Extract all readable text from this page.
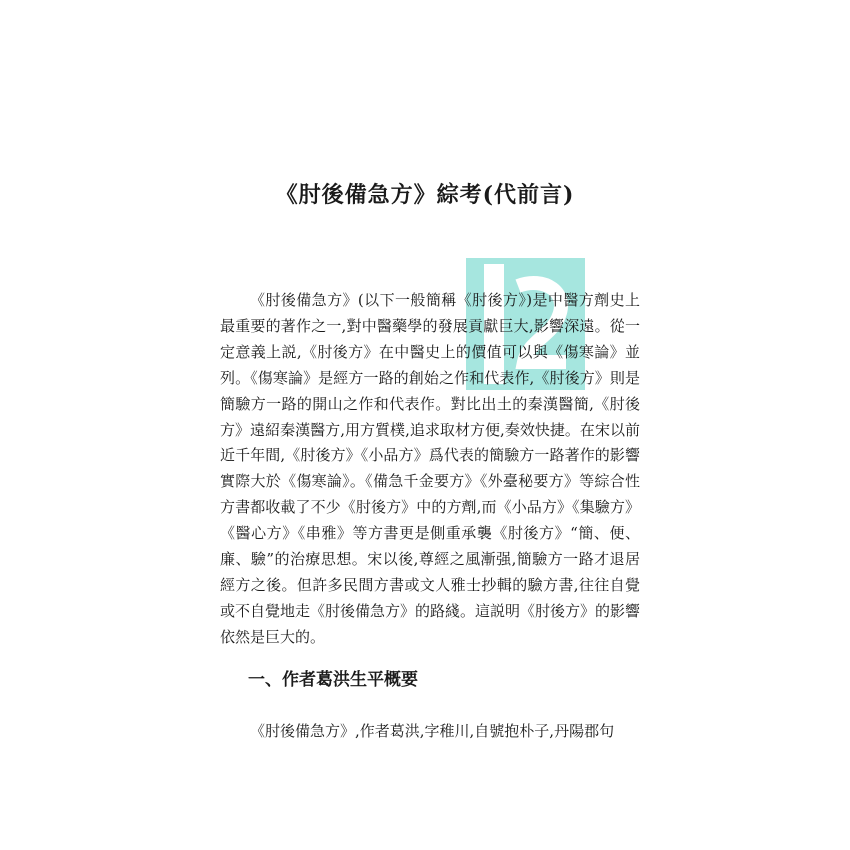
《肘後備急方》綜考(代前言)

《肘後備急方》(以下一般簡稱《肘後方》)是中醫方劑史上最重要的著作之一,對中醫藥學的發展貢獻巨大,影響深遠。從一定意義上説,《肘後方》在中醫史上的價值可以與《傷寒論》並列。《傷寒論》是經方一路的創始之作和代表作,《肘後方》則是簡驗方一路的開山之作和代表作。對比出土的秦漢醫簡,《肘後方》遠紹秦漢醫方,用方質樸,追求取材方便,奏效快捷。在宋以前近千年間,《肘後方》《小品方》爲代表的簡驗方一路著作的影響實際大於《傷寒論》。《備急千金要方》《外臺秘要方》等綜合性方書都收載了不少《肘後方》中的方劑,而《小品方》《集驗方》《醫心方》《串雅》等方書更是側重承襲《肘後方》“簡、便、廉、驗”的治療思想。宋以後,尊經之風漸强,簡驗方一路才退居經方之後。但許多民間方書或文人雅士抄輯的驗方書,往往自覺或不自覺地走《肘後備急方》的路綫。這説明《肘後方》的影響依然是巨大的。

一、作者葛洪生平概要

《肘後備急方》,作者葛洪,字稚川,自號抱朴子,丹陽郡句
